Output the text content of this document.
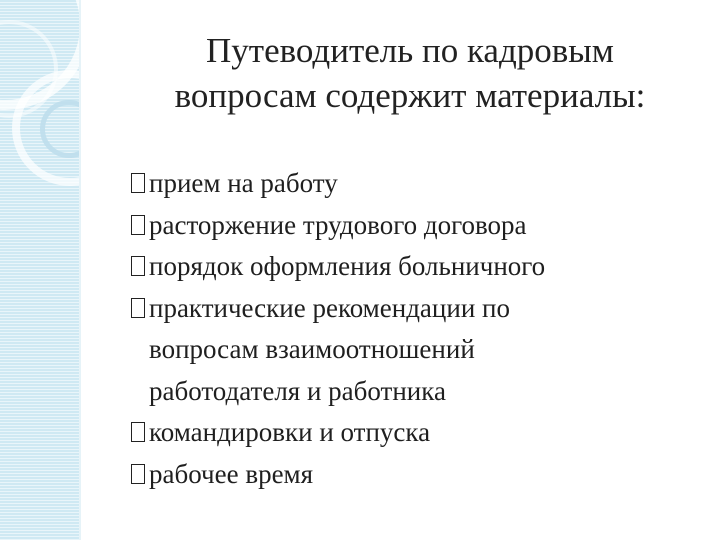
Путеводитель по кадровым
вопросам содержит материалы:
прием на работу
расторжение трудового договора
порядок оформления больничного
практические рекомендации по
вопросам взаимоотношений
работодателя и работника
командировки и отпуска
рабочее время
